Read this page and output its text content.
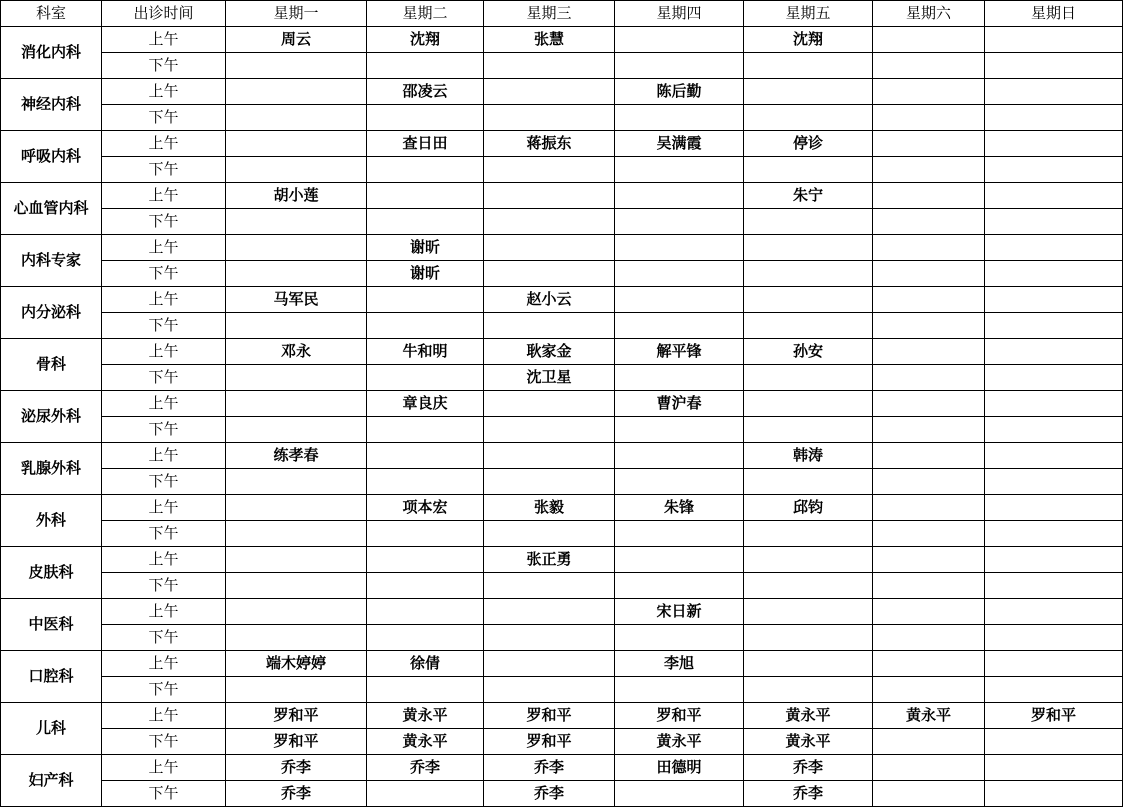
科室	出诊时间	星期一	星期二	星期三	星期四	星期五	星期六	星期日
消化内科	上午	周云	沈翔	张慧		沈翔		
	下午							
神经内科	上午		邵凌云		陈后勤			
	下午							
呼吸内科	上午		查日田	蒋振东	吴满霞	停诊		
	下午							
心血管内科	上午	胡小莲				朱宁		
	下午							
内科专家	上午		谢昕					
	下午		谢昕					
内分泌科	上午	马军民		赵小云				
	下午							
骨科	上午	邓永	牛和明	耿家金	解平锋	孙安		
	下午			沈卫星				
泌尿外科	上午		章良庆		曹沪春			
	下午							
乳腺外科	上午	练孝春				韩涛		
	下午							
外科	上午		项本宏	张毅	朱锋	邱钧		
	下午							
皮肤科	上午			张正勇				
	下午							
中医科	上午				宋日新			
	下午							
口腔科	上午	端木婷婷	徐倩		李旭			
	下午							
儿科	上午	罗和平	黄永平	罗和平	罗和平	黄永平	黄永平	罗和平
	下午	罗和平	黄永平	罗和平	黄永平	黄永平		
妇产科	上午	乔李	乔李	乔李	田德明	乔李		
	下午	乔李		乔李		乔李		
